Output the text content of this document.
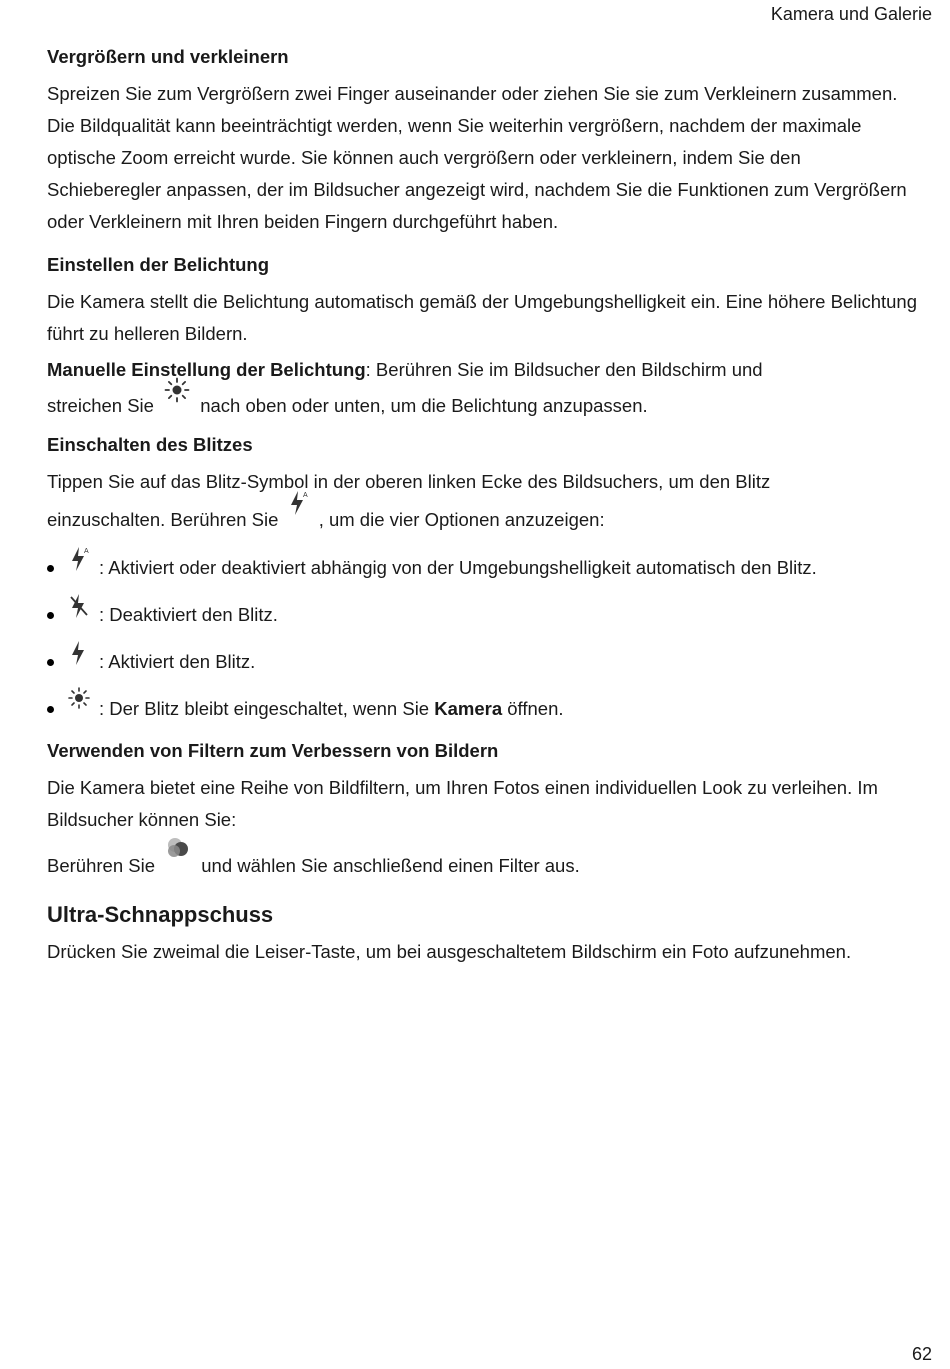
Kamera und Galerie
Vergrößern und verkleinern

Spreizen Sie zum Vergrößern zwei Finger auseinander oder ziehen Sie sie zum Verkleinern zusammen. Die Bildqualität kann beeinträchtigt werden, wenn Sie weiterhin vergrößern, nachdem der maximale optische Zoom erreicht wurde. Sie können auch vergrößern oder verkleinern, indem Sie den Schieberegler anpassen, der im Bildsucher angezeigt wird, nachdem Sie die Funktionen zum Vergrößern oder Verkleinern mit Ihren beiden Fingern durchgeführt haben.

Einstellen der Belichtung

Die Kamera stellt die Belichtung automatisch gemäß der Umgebungshelligkeit ein. Eine höhere Belichtung führt zu helleren Bildern.

Manuelle Einstellung der Belichtung: Berühren Sie im Bildsucher den Bildschirm und

streichen Sie	nach oben oder unten, um die Belichtung anzupassen.

Einschalten des Blitzes

Tippen Sie auf das Blitz-Symbol in der oberen linken Ecke des Bildsuchers, um den Blitz

einzuschalten. Berühren Sie
A
, um die vier Optionen anzuzeigen:

A
: Aktiviert oder deaktiviert abhängig von der Umgebungshelligkeit automatisch den Blitz.
: Deaktiviert den Blitz.
: Aktiviert den Blitz.
: Der Blitz bleibt eingeschaltet, wenn Sie Kamera öffnen.
Verwenden von Filtern zum Verbessern von Bildern

Die Kamera bietet eine Reihe von Bildfiltern, um Ihren Fotos einen individuellen Look zu verleihen. Im Bildsucher können Sie:

Berühren Sie	und wählen Sie anschließend einen Filter aus.

Ultra-Schnappschuss

Drücken Sie zweimal die Leiser-Taste, um bei ausgeschaltetem Bildschirm ein Foto aufzunehmen.

62
